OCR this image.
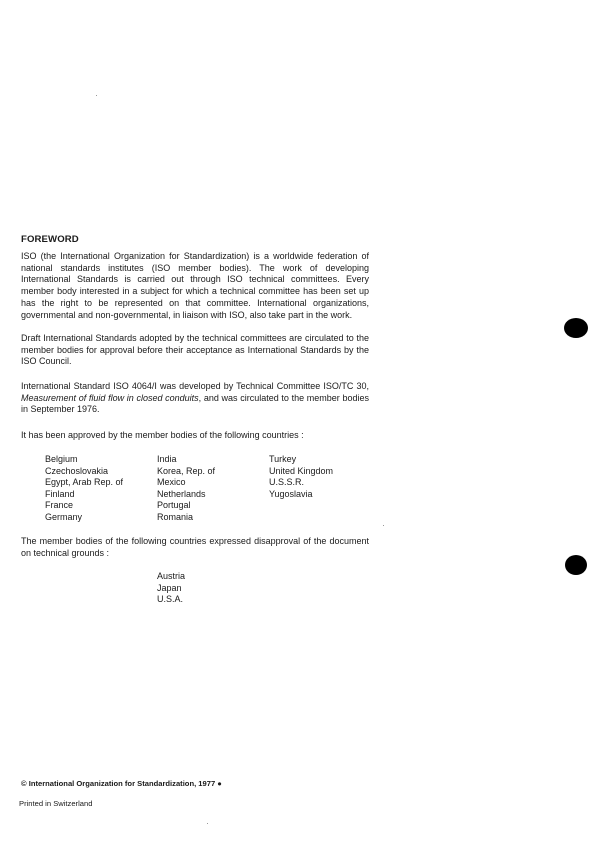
FOREWORD

ISO (the International Organization for Standardization) is a worldwide federation of national standards institutes (ISO member bodies). The work of developing International Standards is carried out through ISO technical committees. Every member body interested in a subject for which a technical committee has been set up has the right to be represented on that committee. International organizations, governmental and non-governmental, in liaison with ISO, also take part in the work.

Draft International Standards adopted by the technical committees are circulated to the member bodies for approval before their acceptance as International Standards by the ISO Council.

International Standard ISO 4064/I was developed by Technical Committee ISO/TC 30, Measurement of fluid flow in closed conduits, and was circulated to the member bodies in September 1976.

It has been approved by the member bodies of the following countries :

Belgium
Czechoslovakia
Egypt, Arab Rep. of
Finland
France
Germany
India
Korea, Rep. of
Mexico
Netherlands
Portugal
Romania
Turkey
United Kingdom
U.S.S.R.
Yugoslavia

The member bodies of the following countries expressed disapproval of the document on technical grounds :

Austria
Japan
U.S.A.
© International Organization for Standardization, 1977 ●
Printed in Switzerland
